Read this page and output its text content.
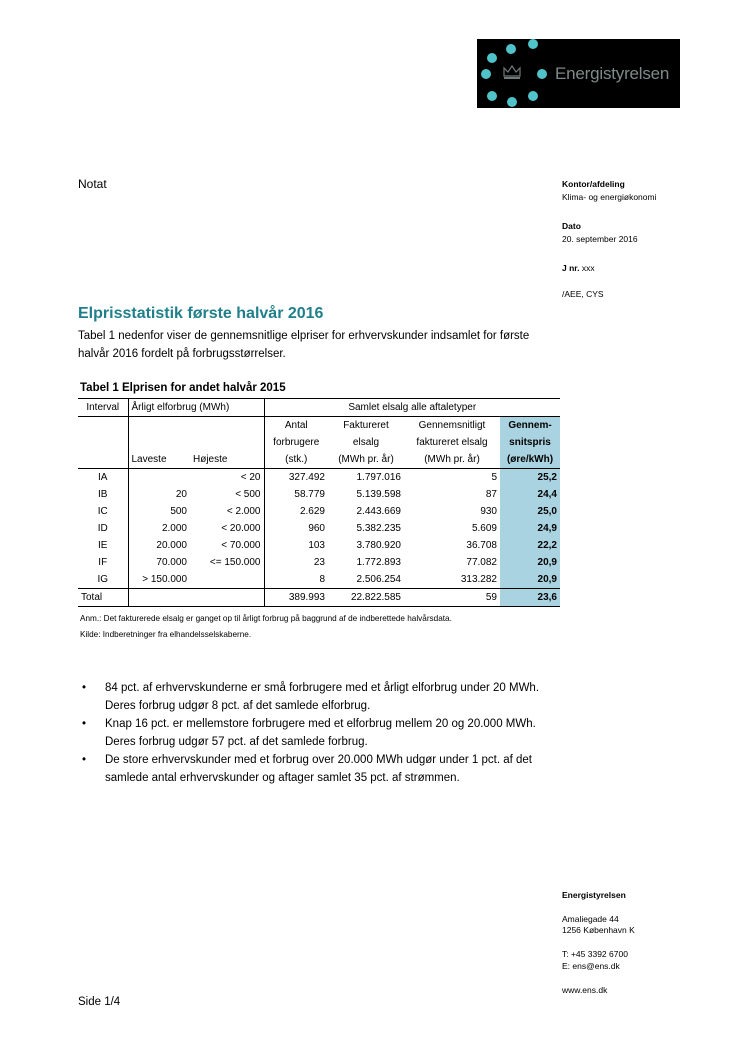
Energistyrelsen
Notat	Kontor/afdeling
Klima- og energiøkonomi
Dato
20. september 2016
J nr. xxx
/AEE, CYS
Elprisstatistik første halvår 2016
Tabel 1 nedenfor viser de gennemsnitlige elpriser for erhvervskunder indsamlet for første halvår 2016 fordelt på forbrugsstørrelser.
Tabel 1 Elprisen for andet halvår 2015
Interval	Årligt elforbrug (MWh)		Samlet elsalg alle aftaletyper			
			Antal	Faktureret	Gennemsnitligt	Gennem-
			forbrugere	elsalg	faktureret elsalg	snitspris
	Laveste	Højeste	(stk.)	(MWh pr. år)	(MWh pr. år)	(øre/kWh)
IA		< 20	327.492	1.797.016	5	25,2
IB	20	< 500	58.779	5.139.598	87	24,4
IC	500	< 2.000	2.629	2.443.669	930	25,0
ID	2.000	< 20.000	960	5.382.235	5.609	24,9
IE	20.000	< 70.000	103	3.780.920	36.708	22,2
IF	70.000	<= 150.000	23	1.772.893	77.082	20,9
IG	> 150.000		8	2.506.254	313.282	20,9
Total			389.993	22.822.585	59	23,6
Anm.: Det fakturerede elsalg er ganget op til årligt forbrug på baggrund af de indberettede halvårsdata.
Kilde: Indberetninger fra elhandelsselskaberne.
• 84 pct. af erhvervskunderne er små forbrugere med et årligt elforbrug under 20 MWh. Deres forbrug udgør 8 pct. af det samlede elforbrug.
• Knap 16 pct. er mellemstore forbrugere med et elforbrug mellem 20 og 20.000 MWh. Deres forbrug udgør 57 pct. af det samlede forbrug.
• De store erhvervskunder med et forbrug over 20.000 MWh udgør under 1 pct. af det samlede antal erhvervskunder og aftager samlet 35 pct. af strømmen.
Energistyrelsen
Amaliegade 44
1256 København K
T: +45 3392 6700
E: ens@ens.dk
www.ens.dk
Side 1/4
